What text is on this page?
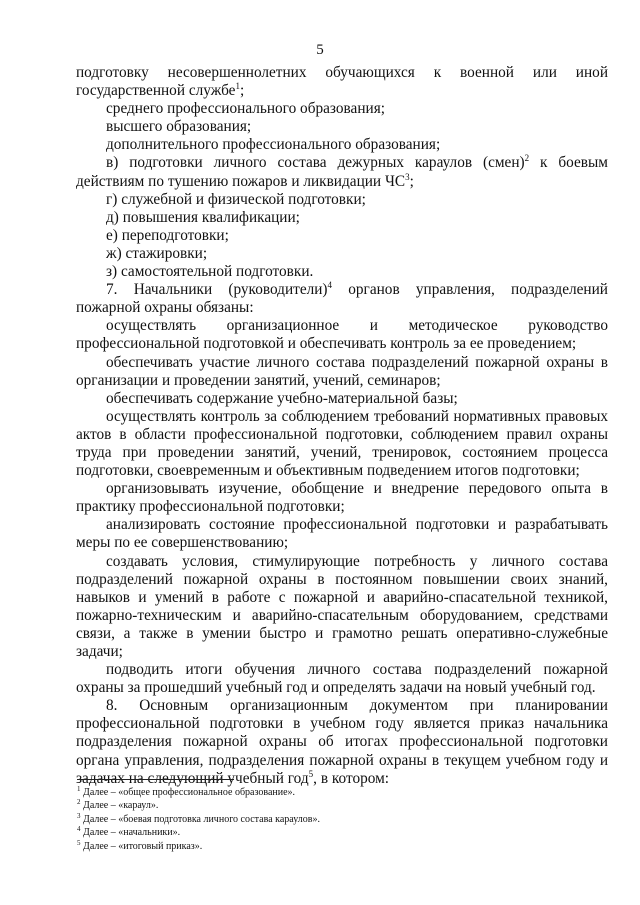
5

подготовку несовершеннолетних обучающихся к военной или иной государственной службе$^1$;

среднего профессионального образования;

высшего образования;

дополнительного профессионального образования;

в) подготовки личного состава дежурных караулов (смен)$^2$ к боевым действиям по тушению пожаров и ликвидации $ЧС^3$;

г) служебной и физической подготовки;

д) повышения квалификации;

е) переподготовки;

ж) стажировки;

з) самостоятельной подготовки.

7. Начальники (руководители)$^4$ органов управления, подразделений пожарной охраны обязаны:

осуществлять организационное и методическое руководство профессиональной подготовкой и обеспечивать контроль за ее проведением;

обеспечивать участие личного состава подразделений пожарной охраны в организации и проведении занятий, учений, семинаров;

обеспечивать содержание учебно-материальной базы;

осуществлять контроль за соблюдением требований нормативных правовых актов в области профессиональной подготовки, соблюдением правил охраны труда при проведении занятий, учений, тренировок, состоянием процесса подготовки, своевременным и объективным подведением итогов подготовки;

организовывать изучение, обобщение и внедрение передового опыта в практику профессиональной подготовки;

анализировать состояние профессиональной подготовки и разрабатывать меры по ее совершенствованию;

создавать условия, стимулирующие потребность у личного состава подразделений пожарной охраны в постоянном повышении своих знаний, навыков и умений в работе с пожарной и аварийно-спасательной техникой, пожарно-техническим и аварийно-спасательным оборудованием, средствами связи, а также в умении быстро и грамотно решать оперативно-служебные задачи;

подводить итоги обучения личного состава подразделений пожарной охраны за прошедший учебный год и определять задачи на новый учебный год.

8. Основным организационным документом при планировании профессиональной подготовки в учебном году является приказ начальника подразделения пожарной охраны об итогах профессиональной подготовки органа управления, подразделения пожарной охраны в текущем учебном году и задачах на следующий учебный год$^5$, в котором:

$^1$ Далее – «общее профессиональное образование».
$^2$ Далее – «караул».
$^3$ Далее – «боевая подготовка личного состава караулов».
$^4$ Далее – «начальники».
$^5$ Далее – «итоговый приказ».
